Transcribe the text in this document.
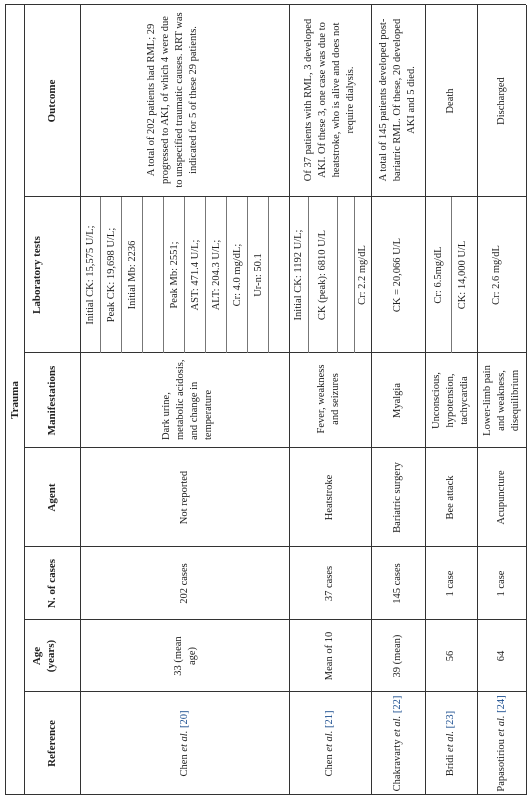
Trauma
Reference
Age (years)
N. of cases
Agent
Manifestations
Laboratory tests
Outcome
Chen et al. [20]
33 (mean age)
202 cases
Not reported
Dark urine, metabolic acidosis, and change in temperature
Initial CK: 15,575 U/L; Peak CK: 19,698 U/L; Initial Mb: 2236	Peak Mb: 2551; AST: 471.4 U/L; ALT: 204.3 U/L; Cr: 4.0 mg/dL; Ur-n: 50.1
A total of 202 patients had RML; 29 progressed to AKI, of which 4 were due to unspecified traumatic causes. RRT was indicated for 5 of these 29 patients.
Chen et al. [21]
Mean of 10
37 cases
Heatstroke
Fever, weakness and seizures
Initial CK: 1192 U/L; CK (peak): 6810 U/L	Cr: 2.2 mg/dL
Of 37 patients with RML, 3 developed AKI. Of these 3, one case was due to heatstroke, who is alive and does not require dialysis.
Chakravarty et al. [22]
39 (mean)
145 cases
Bariatric surgery
Myalgia
CK = 20,066 U/L
A total of 145 patients developed post-bariatric RML. Of these, 20 developed AKI and 5 died.
Bridi et al. [23]
56
1 case
Bee attack
Unconscious, hypotension, tachycardia
Cr: 6.5mg/dL CK: 14,000 U/L
Death
Papasotiriou et al. [24]
64
1 case
Acupuncture
Lower-limb pain and weakness, disequilibrium
Cr: 2.6 mg/dL
Discharged
